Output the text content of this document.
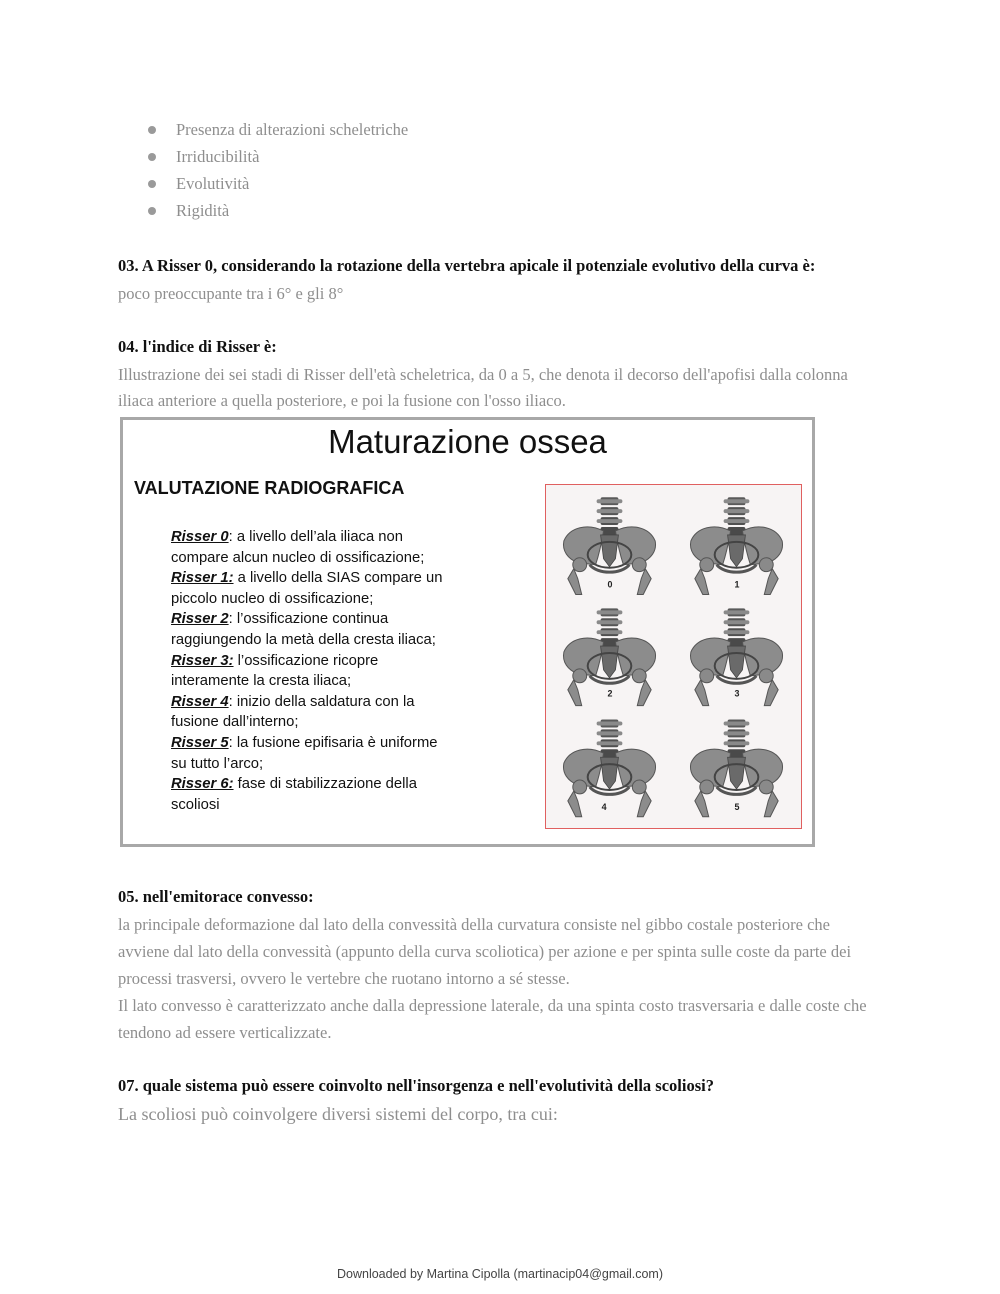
Presenza di alterazioni scheletriche
Irriducibilità
Evolutività
Rigidità
03. A Risser 0, considerando la rotazione della vertebra apicale il potenziale evolutivo della curva è:
poco preoccupante tra i 6° e gli 8°
04. l'indice di Risser è:
Illustrazione dei sei stadi di Risser dell'età scheletrica, da 0 a 5, che denota il decorso dell'apofisi dalla colonna
iliaca anteriore a quella posteriore, e poi la fusione con l'osso iliaco.
Maturazione ossea
VALUTAZIONE RADIOGRAFICA
Risser 0: a livello dell’ala iliaca non
compare alcun nucleo di ossificazione;
Risser 1: a livello della SIAS compare un
piccolo nucleo di ossificazione;
Risser 2: l’ossificazione continua
raggiungendo la metà della cresta iliaca;
Risser 3: l’ossificazione ricopre
interamente la cresta iliaca;
Risser 4: inizio della saldatura con la
fusione dall’interno;
Risser 5: la fusione epifisaria è uniforme
su tutto l’arco;
Risser 6: fase di stabilizzazione della
scoliosi
0	1
2	3
4	5
05. nell'emitorace convesso:
la principale deformazione dal lato della convessità della curvatura consiste nel gibbo costale posteriore che
avviene dal lato della convessità (appunto della curva scoliotica) per azione e per spinta sulle coste da parte dei
processi trasversi, ovvero le vertebre che ruotano intorno a sé stesse.
Il lato convesso è caratterizzato anche dalla depressione laterale, da una spinta costo trasversaria e dalle coste che
tendono ad essere verticalizzate.
07. quale sistema può essere coinvolto nell'insorgenza e nell'evolutività della scoliosi?
La scoliosi può coinvolgere diversi sistemi del corpo, tra cui:
Downloaded by Martina Cipolla (martinacip04@gmail.com)
